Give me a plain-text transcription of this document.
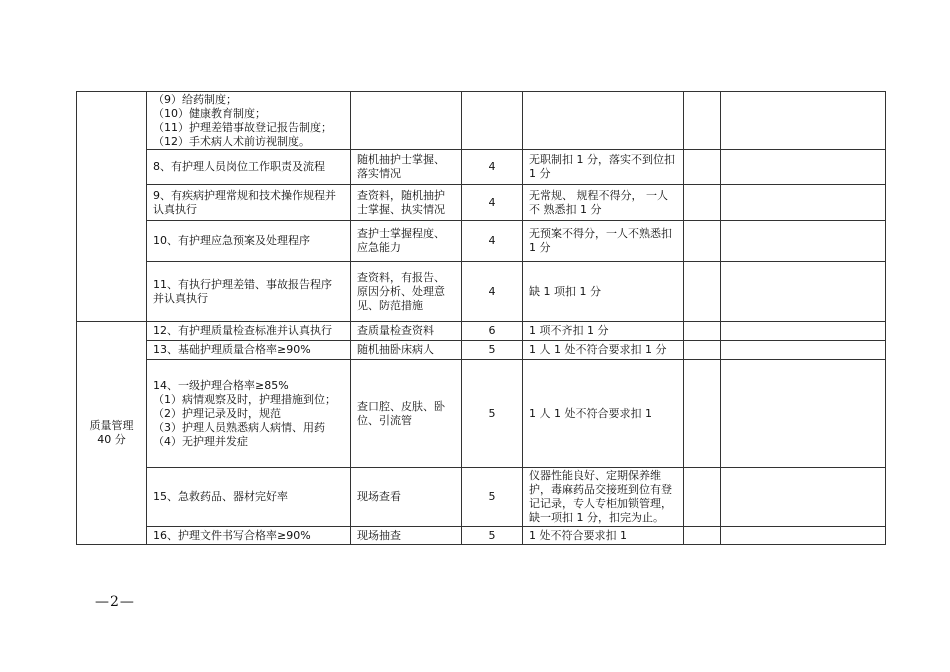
	（9）给药制度；
（10）健康教育制度；
（11）护理差错事故登记报告制度；
（12）手术病人术前访视制度。					

	8、有护理人员岗位工作职责及流程	随机抽护士掌握、 落实情况	4	无职制扣 1 分，落实不到位扣 1 分		
	9、有疾病护理常规和技术操作规程并 认真执行	查资料，随机抽护士掌握、执实情况	4	无常规、 规程不得分， 一人不 熟悉扣 1 分		
	10、有护理应急预案及处理程序	查护士掌握程度、 应急能力	4	无预案不得分，一人不熟悉扣 1 分		
	11、有执行护理差错、事故报告程序 并认真执行	查资料，有报告、原因分析、处理意见、防范措施	4	缺 1 项扣 1 分		

质量管理
40 分	12、有护理质量检查标准并认真执行	查质量检查资料	6	1 项不齐扣 1 分		
	13、基础护理质量合格率≥90%	随机抽卧床病人	5	1 人 1 处不符合要求扣 1 分		

	14、一级护理合格率≥85%
（1）病情观察及时，护理措施到位；
（2）护理记录及时，规范
（3）护理人员熟悉病人病情、用药
（4）无护理并发症	查口腔、皮肤、卧位、引流管	5	1 人 1 处不符合要求扣 1		
	15、急救药品、器材完好率	现场查看	5	仪器性能良好、定期保养维护，毒麻药品交接班到位有登记记录，专人专柜加锁管理，缺一项扣 1 分，扣完为止。		
	16、护理文件书写合格率≥90%	现场抽查	5	1 处不符合要求扣 1		
—2—
